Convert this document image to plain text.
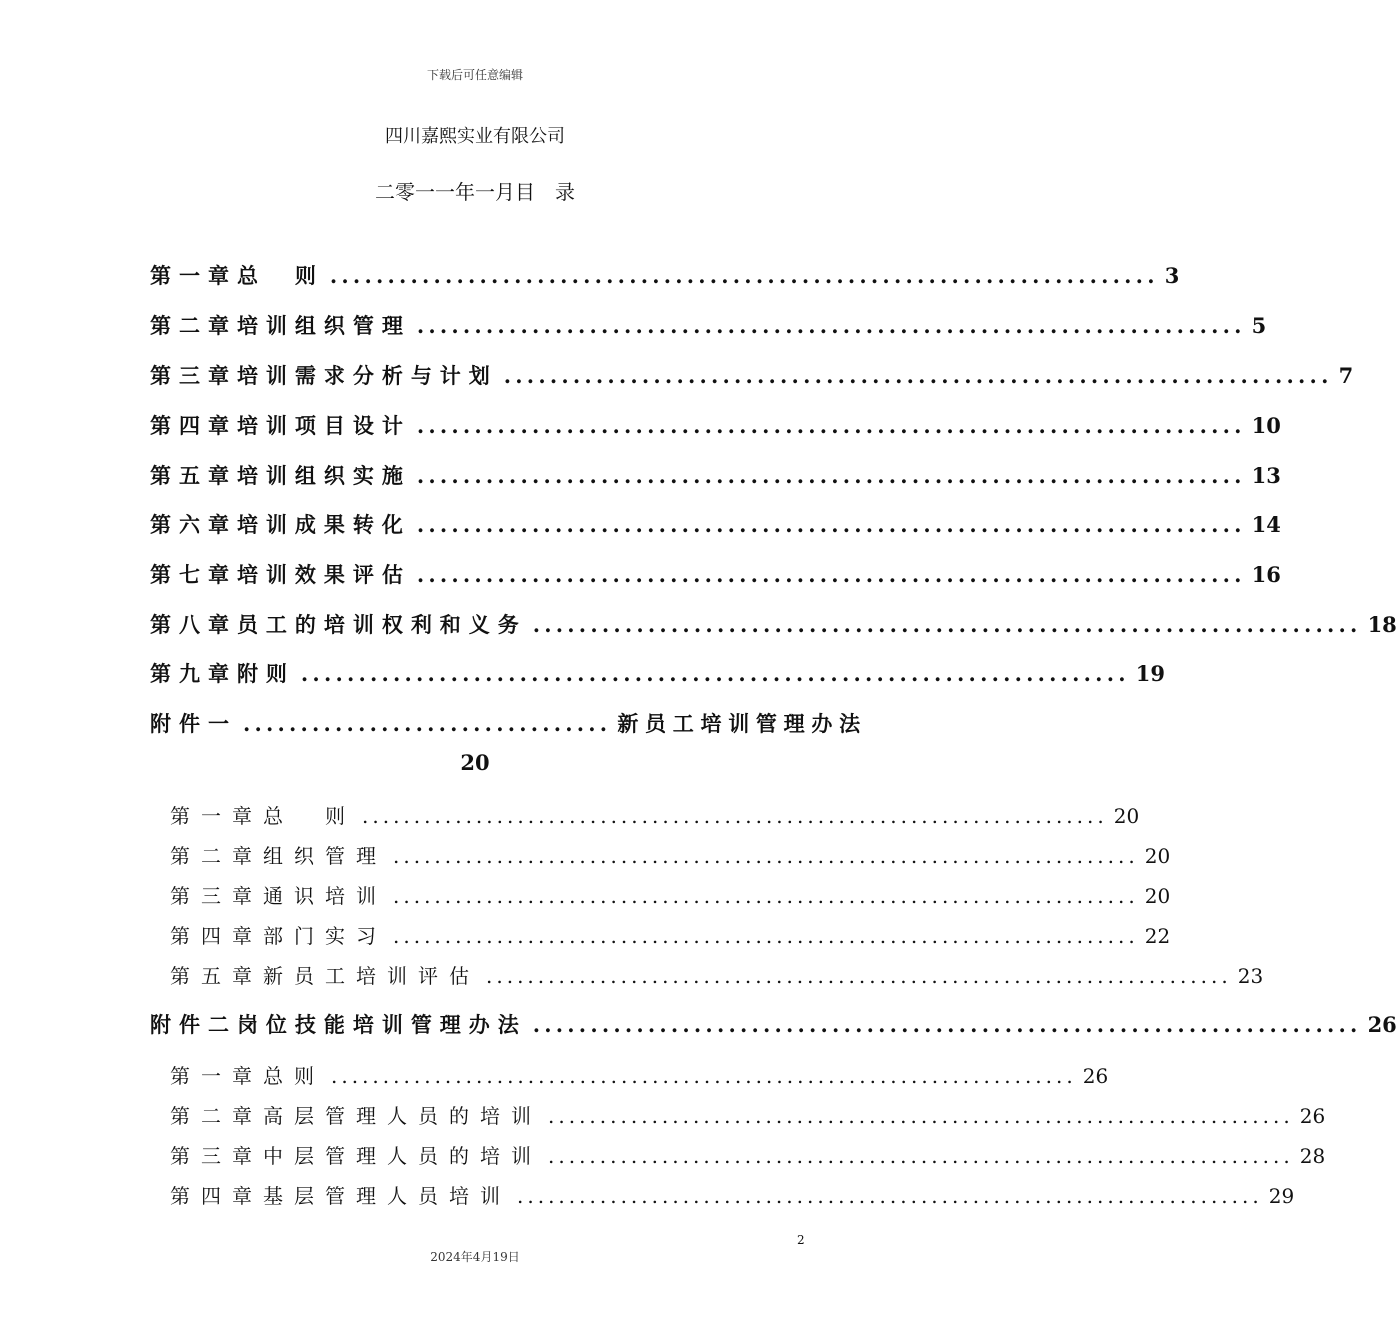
下载后可任意编辑
四川嘉熙实业有限公司
二零一一年一月目　录
第一章 总　则 ........................................................................ 3
第二章 培训组织管理 ........................................................................ 5
第三章 培训需求分析与计划 ........................................................................ 7
第四章 培训项目设计 ........................................................................ 10
第五章 培训组织实施 ........................................................................ 13
第六章 培训成果转化 ........................................................................ 14
第七章 培训效果评估 ........................................................................ 16
第八章 员工的培训权利和义务 ........................................................................ 18
第九章 附则 ........................................................................ 19
附件一 ................................ 新员工培训管理办法
20
第一章 总　则 ........................................................................ 20
第二章 组织管理 ........................................................................ 20
第三章 通识培训 ........................................................................ 20
第四章 部门实习 ........................................................................ 22
第五章 新员工培训评估 ........................................................................ 23
附件二 岗位技能培训管理办法 ........................................................................ 26
第一章 总则 ........................................................................ 26
第二章 高层管理人员的培训 ........................................................................ 26
第三章 中层管理人员的培训 ........................................................................ 28
第四章 基层管理人员培训 ........................................................................ 29
2
2024年4月19日
